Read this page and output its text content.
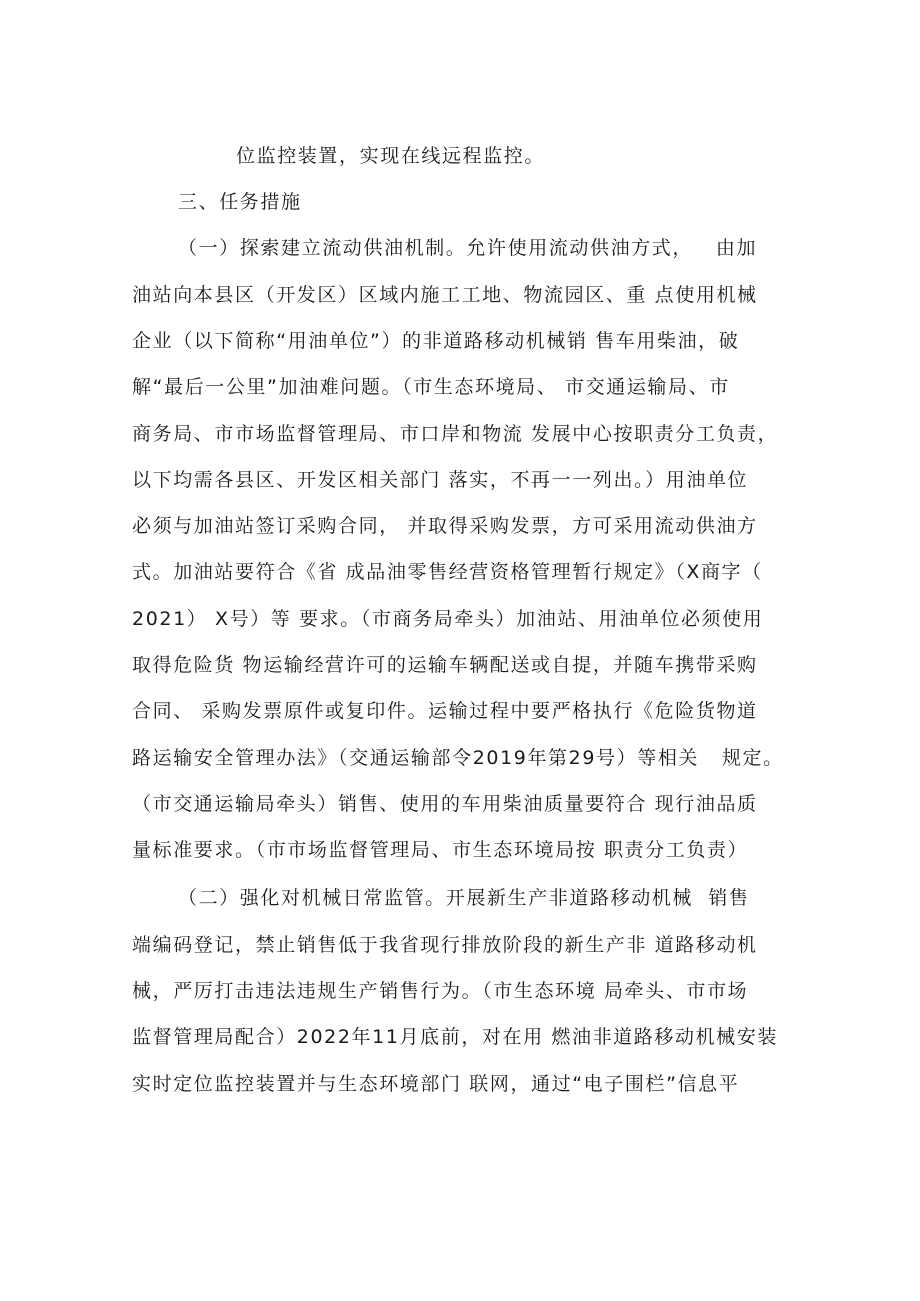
位监控装置，实现在线远程监控。
三、任务措施
（一）探索建立流动供油机制。允许使用流动供油方式，   由加
油站向本县区（开发区）区域内施工工地、物流园区、重 点使用机械
企业（以下简称“用油单位”）的非道路移动机械销 售车用柴油，破
解“最后一公里”加油难问题。（市生态环境局、 市交通运输局、市
商务局、市市场监督管理局、市口岸和物流 发展中心按职责分工负责，
以下均需各县区、开发区相关部门 落实，不再一一列出。）用油单位
必须与加油站签订采购合同， 并取得采购发票，方可采用流动供油方
式。加油站要符合《省 成品油零售经营资格管理暂行规定》（X商字（
2021） X号）等 要求。（市商务局牵头）加油站、用油单位必须使用
取得危险货 物运输经营许可的运输车辆配送或自提，并随车携带采购
合同、 采购发票原件或复印件。运输过程中要严格执行《危险货物道
路运输安全管理办法》（交通运输部令2019年第29号）等相关   规定。
（市交通运输局牵头）销售、使用的车用柴油质量要符合 现行油品质
量标准要求。（市市场监督管理局、市生态环境局按 职责分工负责）
（二）强化对机械日常监管。开展新生产非道路移动机械  销售
端编码登记，禁止销售低于我省现行排放阶段的新生产非 道路移动机
械，严厉打击违法违规生产销售行为。（市生态环境 局牵头、市市场
监督管理局配合）2022年11月底前，对在用 燃油非道路移动机械安装
实时定位监控装置并与生态环境部门 联网，通过“电子围栏”信息平
